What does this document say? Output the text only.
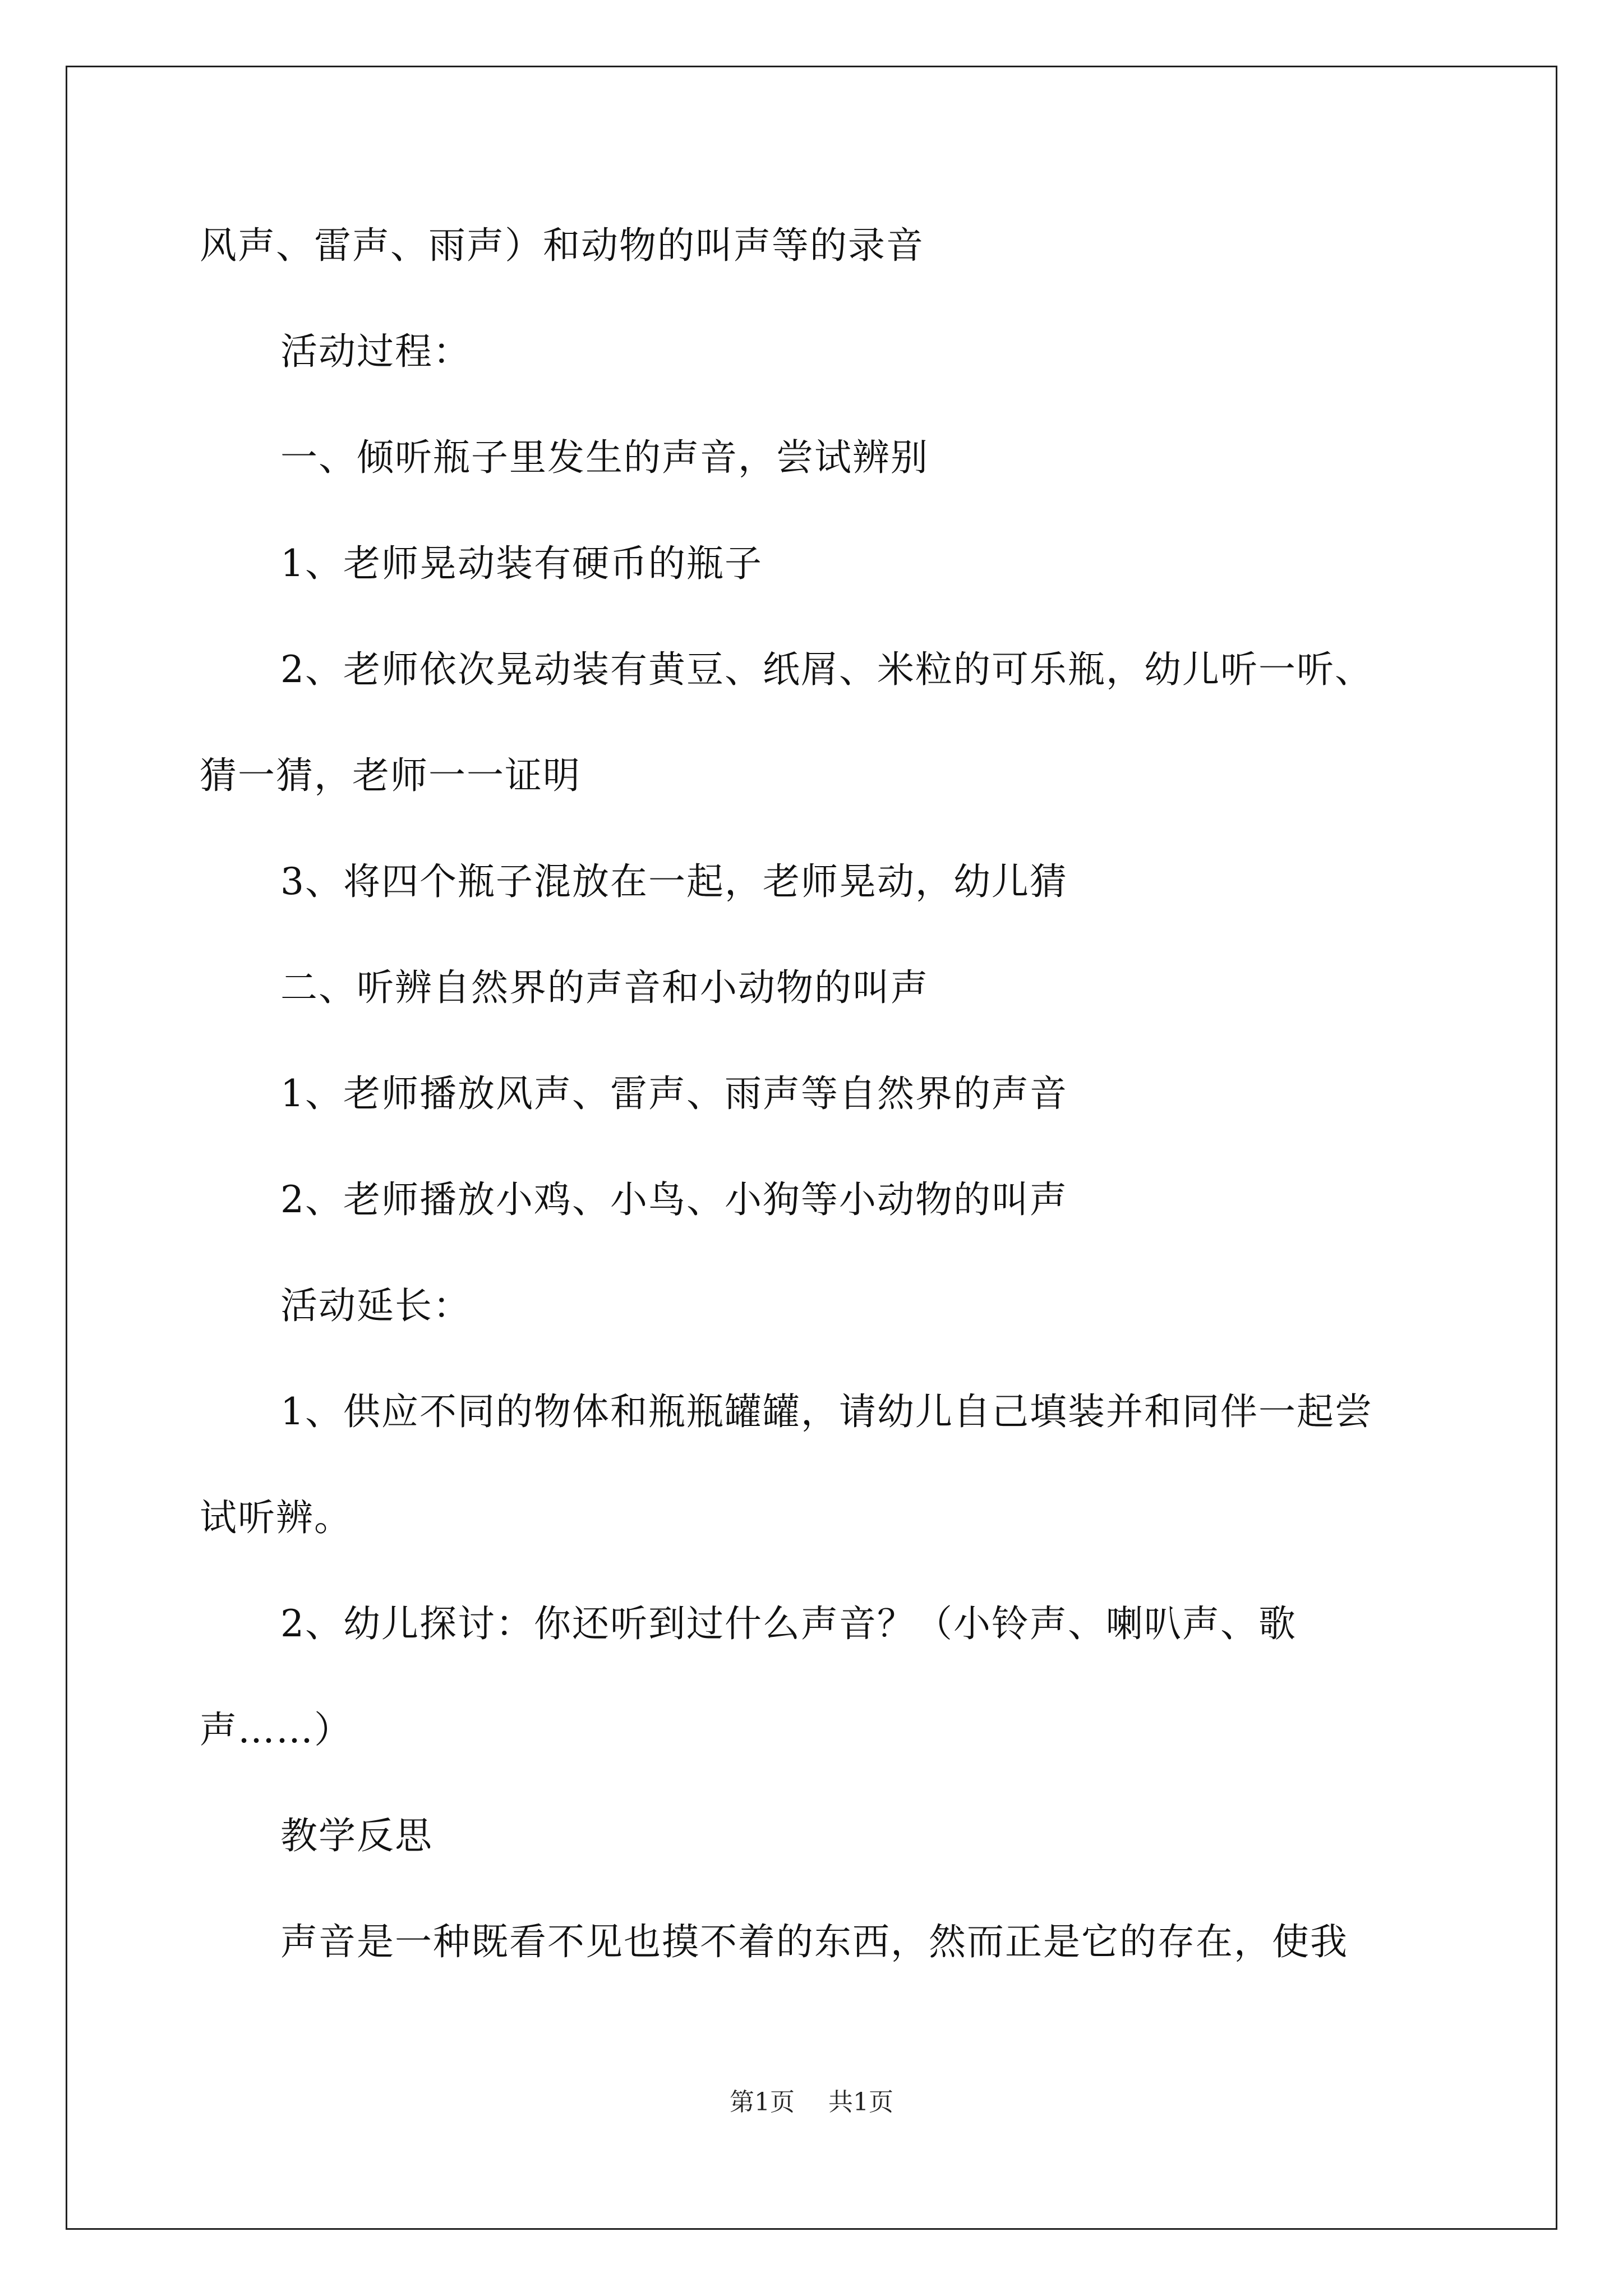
风声、雷声、雨声）和动物的叫声等的录音
活动过程：
一、倾听瓶子里发生的声音，尝试辨别
1、老师晃动装有硬币的瓶子
2、老师依次晃动装有黄豆、纸屑、米粒的可乐瓶，幼儿听一听、
猜一猜，老师一一证明
3、将四个瓶子混放在一起，老师晃动，幼儿猜
二、听辨自然界的声音和小动物的叫声
1、老师播放风声、雷声、雨声等自然界的声音
2、老师播放小鸡、小鸟、小狗等小动物的叫声
活动延长：
1、供应不同的物体和瓶瓶罐罐，请幼儿自己填装并和同伴一起尝
试听辨。
2、幼儿探讨：你还听到过什么声音？（小铃声、喇叭声、歌
声……）
教学反思
声音是一种既看不见也摸不着的东西，然而正是它的存在，使我
第1页 共1页
